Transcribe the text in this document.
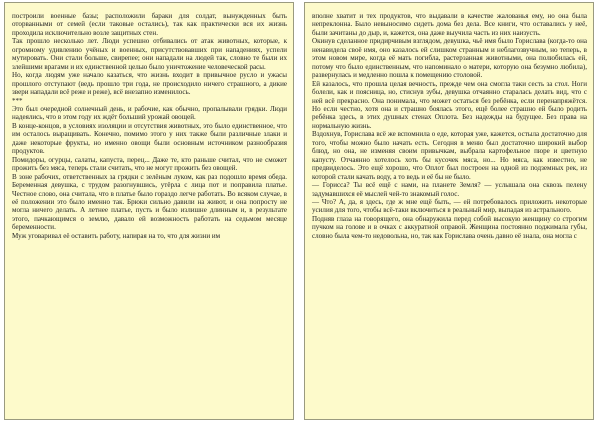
построили военные базы; расположили бараки для солдат, вынужденных быть оторванными от семей (если таковые остались), так как практически вся их жизнь проходила исключительно возле защитных стен.

Так прошло несколько лет. Люди успешно отбивались от атак животных, которые, к огромному удивлению учёных и военных, присутствовавших при нападениях, успели мутировать. Они стали больше, свирепее; они нападали на людей так, словно те были их злейшими врагами и их единственной целью было уничтожение человеческой расы.

Но, когда людям уже начало казаться, что жизнь входит в привычное русло и ужасы прошлого отступают (ведь прошло три года, не происходило ничего страшного, а дикие звери нападали всё реже и реже), всё внезапно изменилось.

***

Это был очередной солнечный день, и рабочие, как обычно, пропалывали грядки. Люди надеялись, что в этом году их ждёт больший урожай овощей.

В конце-концов, в условиях изоляции и отсутствия животных, это было единственное, что им осталось выращивать. Конечно, помимо этого у них также были различные злаки и даже некоторые фрукты, но именно овощи были основным источником разнообразия продуктов.

Помидоры, огурцы, салаты, капуста, перец... Даже те, кто раньше считал, что не сможет прожить без мяса, теперь стали считать, что не могут прожить без овощей.

В зоне рабочих, ответственных за грядки с зелёным луком, как раз подошло время обеда. Беременная девушка, с трудом разогнувшись, утёрла с лица пот и поправила платье. Честное слово, она считала, что в платье было гораздо легче работать. Во всяком случае, в её положении это было именно так. Брюки сильно давили на живот, и она попросту не могла ничего делать. А летнее платье, пусть и было излишне длинным и, в результате этого, пачкающимся о землю, давало ей возможность работать на седьмом месяце беременности.

Муж уговаривал её оставить работу, напирая на то, что для жизни им

вполне хватит и тех продуктов, что выдавали в качестве жалованья ему, но она была непреклонна. Было невыносимо сидеть дома без дела. Все книги, что оставались у неё, были зачитаны до дыр, и, кажется, она даже выучила часть из них наизусть.

Окинув сделанное придирчивым взглядом, девушка, чьё имя было Горислава (когда-то она ненавидела своё имя, оно казалось ей слишком странным и неблагозвучным, но теперь, в этом новом мире, когда её мать погибла, растерзанная животными, она полюбилась ей, потому что было единственным, что напоминало о матери, которую она безумно любила), развернулась и медленно пошла к помещению столовой.

Ей казалось, что прошла целая вечность, прежде чем она смогла таки сесть за стол. Ноги болели, как и поясница, но, стиснув зубы, девушка отчаянно старалась делать вид, что с ней всё прекрасно. Она понимала, что может остаться без ребёнка, если перенапряжётся. Но если честно, хотя она и страшно боялась этого, ещё более страшно ей было родить ребёнка здесь, в этих душных стенах Оплота. Без надежды на будущее. Без права на нормальную жизнь.

Вздохнув, Горислава всё же вспомнила о еде, которая уже, кажется, остыла достаточно для того, чтобы можно было начать есть. Сегодня в меню был достаточно широкий выбор блюд, но она, не изменяя своим привычкам, выбрала картофельное пюре и цветную капусту. Отчаянно хотелось хоть бы кусочек мяса, но... Но мяса, как известно, не предвиделось. Это ещё хорошо, что Оплот был построен на одной из подземных рек, из которой стали качать воду, а то ведь и её бы не было.

— Горисса? Ты всё ещё с нами, на планете Земля? — услышала она сквозь пелену задумавшихся её мыслей чей-то знакомый голос.

— Что? А, да, я здесь, где ж мне ещё быть, — ей потребовалось приложить некоторые усилия для того, чтобы всё-таки включиться в реальный мир, выпадая из астрального.

Подняв глаза на говорящего, она обнаружила перед собой высокую женщину со строгим пучком на голове и в очках с аккуратной оправой. Женщина постоянно поджимала губы, словно была чем-то недовольна, но, так как Горислава очень давно её знала, она могла с
